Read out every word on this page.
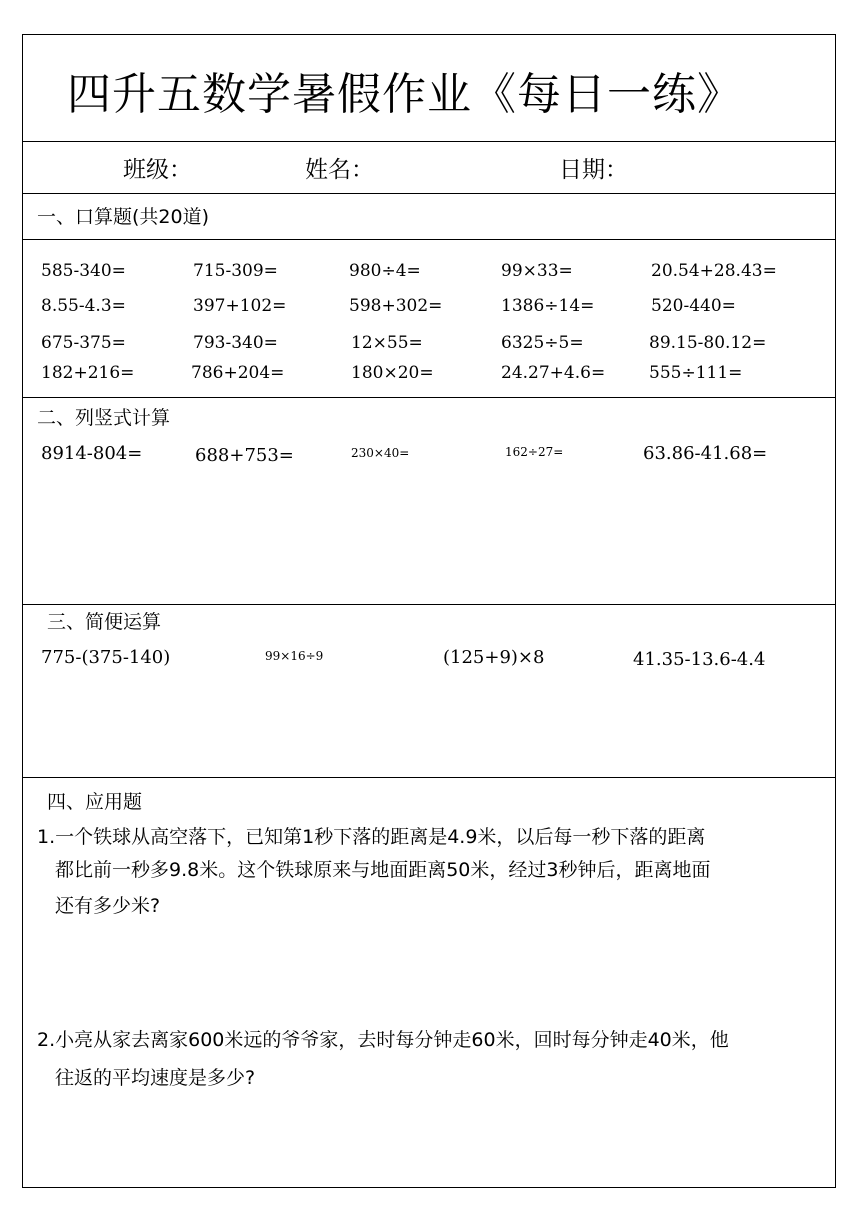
四升五数学暑假作业《每日一练》
班级：	姓名：	日期：
一、口算题(共20道)
585-340=	715-309=	980÷4=	99×33=	20.54+28.43=
8.55-4.3=	397+102=	598+302=	1386÷14=	520-440=
675-375=	793-340=	12×55=	6325÷5=	89.15-80.12=
182+216=	786+204=	180×20=	24.27+4.6=	555÷111=
二、列竖式计算
8914-804=	688+753=	230×40=	162÷27=	63.86-41.68=
三、简便运算
775-(375-140)	99×16÷9	(125+9)×8	41.35-13.6-4.4
四、应用题
1.一个铁球从高空落下，已知第1秒下落的距离是4.9米，以后每一秒下落的距离
都比前一秒多9.8米。这个铁球原来与地面距离50米，经过3秒钟后，距离地面
还有多少米?
2.小亮从家去离家600米远的爷爷家，去时每分钟走60米，回时每分钟走40米，他
往返的平均速度是多少?
